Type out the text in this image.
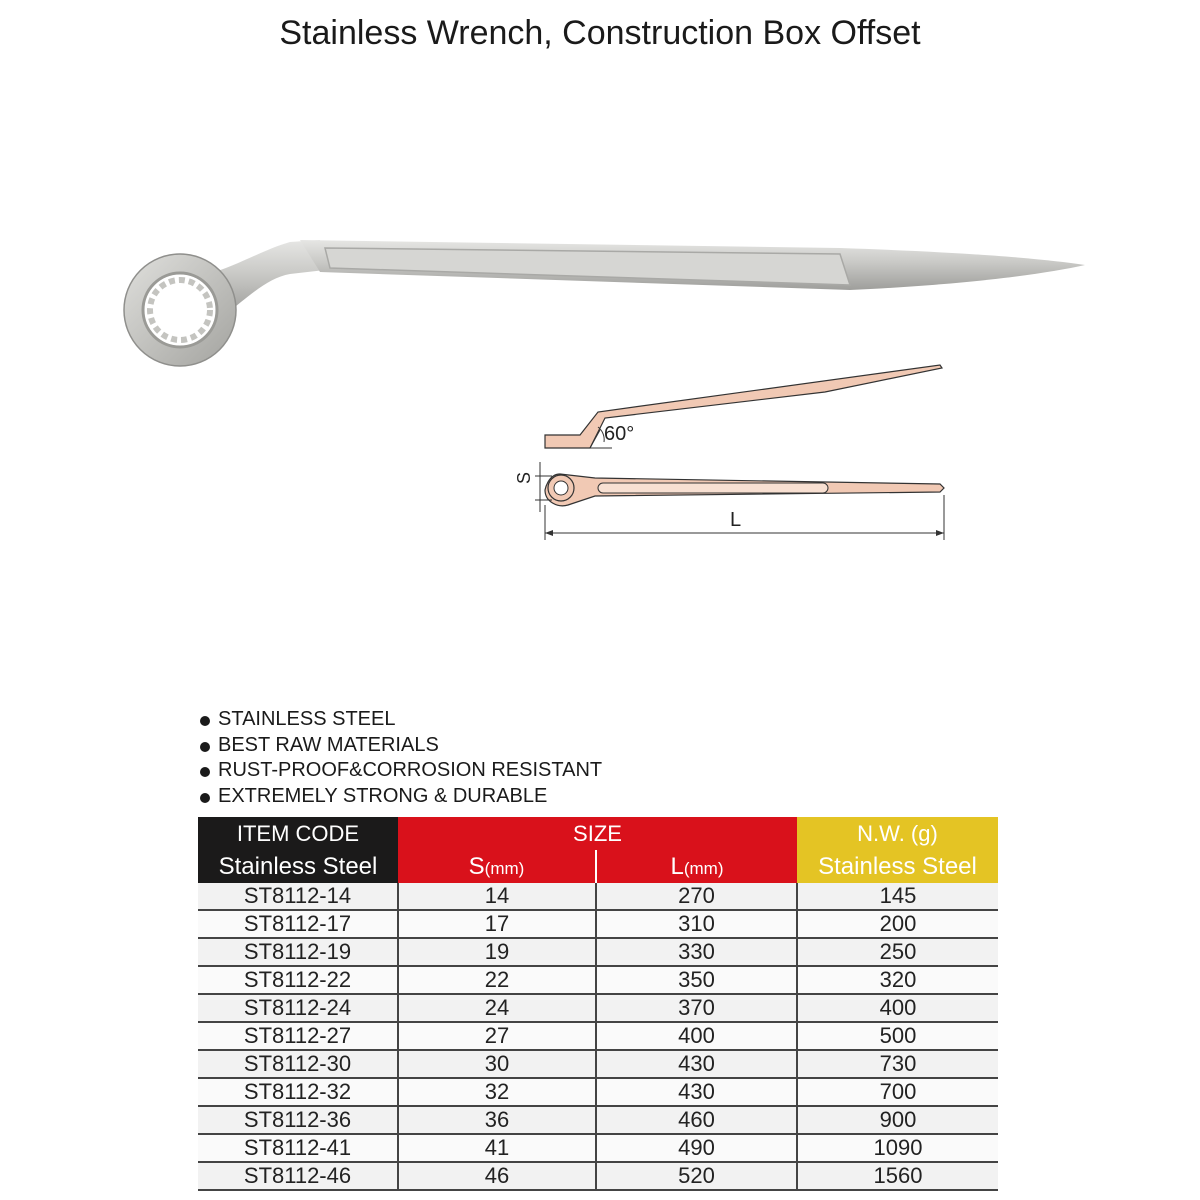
Stainless Wrench, Construction Box Offset
60°
S
L
STAINLESS STEEL
BEST RAW MATERIALS
RUST-PROOF&CORROSION RESISTANT
EXTREMELY STRONG & DURABLE
ITEM CODE	SIZE		N.W. (g)
Stainless Steel	S(mm)	L(mm)	Stainless Steel
ST8112-14	14	270	145
ST8112-17	17	310	200
ST8112-19	19	330	250
ST8112-22	22	350	320
ST8112-24	24	370	400
ST8112-27	27	400	500
ST8112-30	30	430	730
ST8112-32	32	430	700
ST8112-36	36	460	900
ST8112-41	41	490	1090
ST8112-46	46	520	1560
